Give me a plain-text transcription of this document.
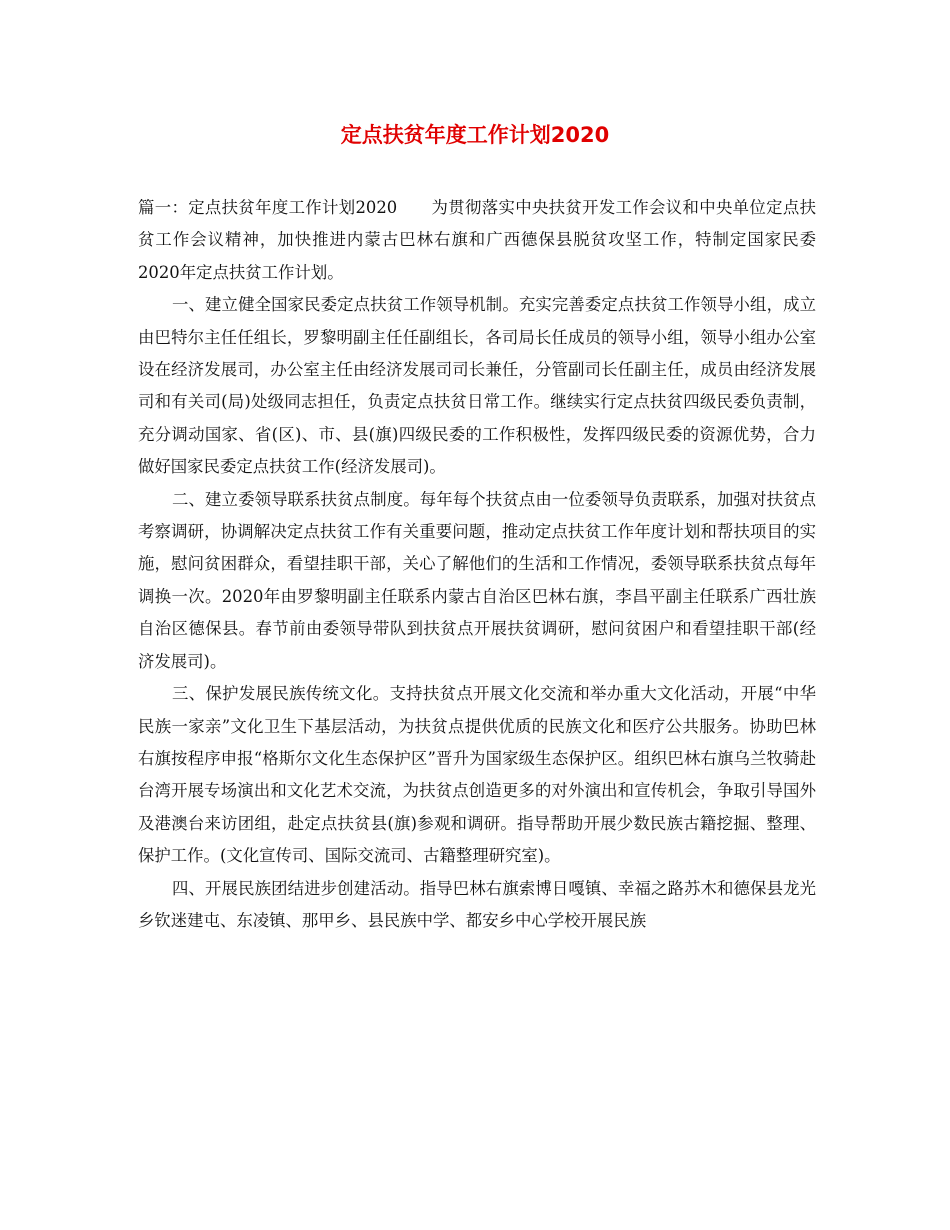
定点扶贫年度工作计划2020

篇一：定点扶贫年度工作计划2020 为贯彻落实中央扶贫开发工作会议和中央单位定点扶贫工作会议精神，加快推进内蒙古巴林右旗和广西德保县脱贫攻坚工作，特制定国家民委2020年定点扶贫工作计划。

一、建立健全国家民委定点扶贫工作领导机制。充实完善委定点扶贫工作领导小组，成立由巴特尔主任任组长，罗黎明副主任任副组长，各司局长任成员的领导小组，领导小组办公室设在经济发展司，办公室主任由经济发展司司长兼任，分管副司长任副主任，成员由经济发展司和有关司(局)处级同志担任，负责定点扶贫日常工作。继续实行定点扶贫四级民委负责制，充分调动国家、省(区)、市、县(旗)四级民委的工作积极性，发挥四级民委的资源优势，合力做好国家民委定点扶贫工作(经济发展司)。

二、建立委领导联系扶贫点制度。每年每个扶贫点由一位委领导负责联系，加强对扶贫点考察调研，协调解决定点扶贫工作有关重要问题，推动定点扶贫工作年度计划和帮扶项目的实施，慰问贫困群众，看望挂职干部，关心了解他们的生活和工作情况，委领导联系扶贫点每年调换一次。2020年由罗黎明副主任联系内蒙古自治区巴林右旗，李昌平副主任联系广西壮族自治区德保县。春节前由委领导带队到扶贫点开展扶贫调研，慰问贫困户和看望挂职干部(经济发展司)。

三、保护发展民族传统文化。支持扶贫点开展文化交流和举办重大文化活动，开展“中华民族一家亲”文化卫生下基层活动，为扶贫点提供优质的民族文化和医疗公共服务。协助巴林右旗按程序申报“格斯尔文化生态保护区”晋升为国家级生态保护区。组织巴林右旗乌兰牧骑赴台湾开展专场演出和文化艺术交流，为扶贫点创造更多的对外演出和宣传机会，争取引导国外及港澳台来访团组，赴定点扶贫县(旗)参观和调研。指导帮助开展少数民族古籍挖掘、整理、保护工作。(文化宣传司、国际交流司、古籍整理研究室)。

四、开展民族团结进步创建活动。指导巴林右旗索博日嘎镇、幸福之路苏木和德保县龙光乡钦迷建屯、东凌镇、那甲乡、县民族中学、都安乡中心学校开展民族
